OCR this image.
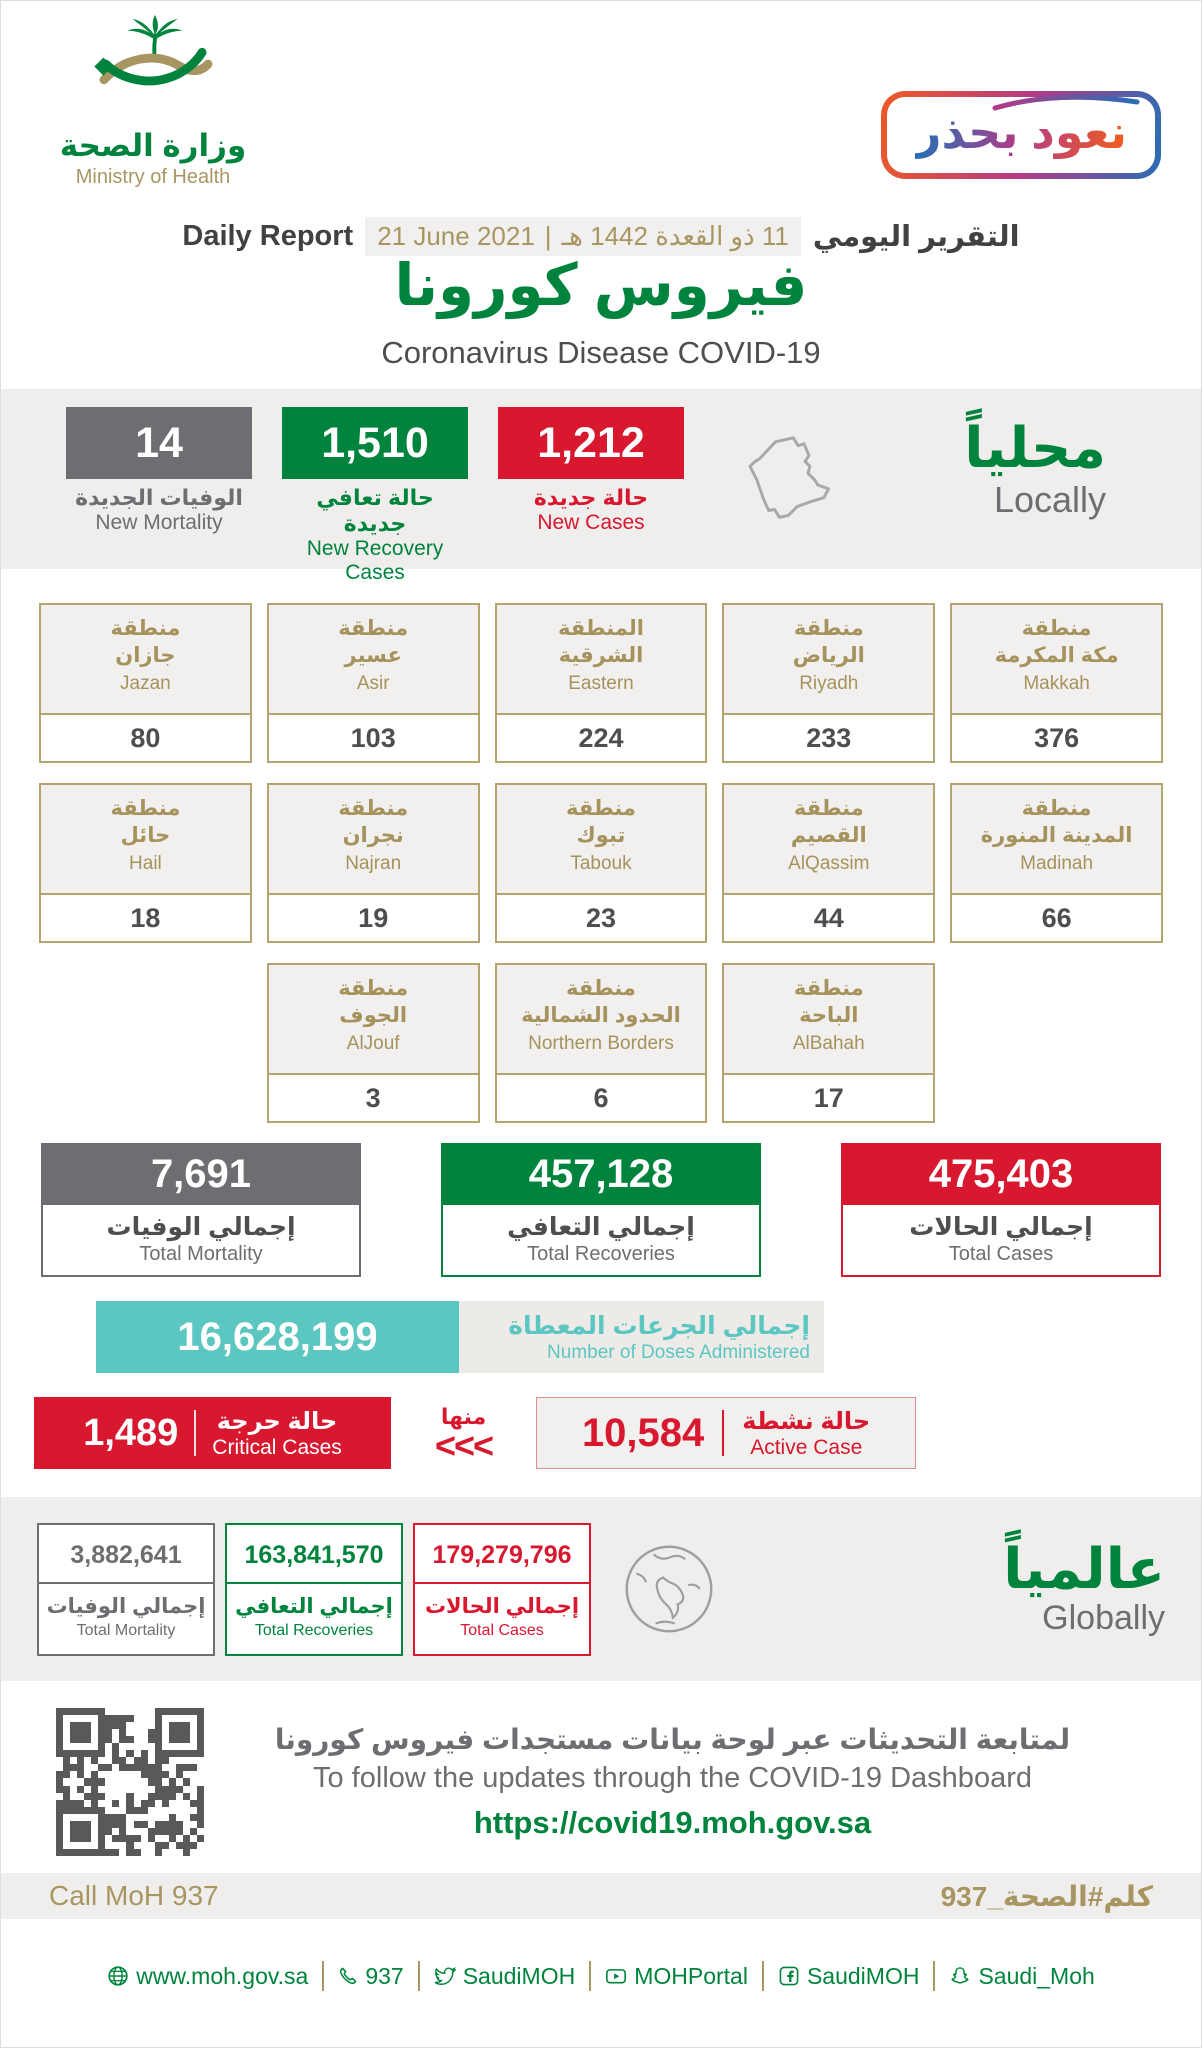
وزارة الصحة
Ministry of Health
نعود بحذر
Daily Report 21 June 2021 | 11 ذو القعدة 1442 هـ التقرير اليومي
فيروس كورونا
Coronavirus Disease COVID-19
14
الوفيات الجديدة
New Mortality
1,510
حالة تعافي جديدة
New Recovery Cases
1,212
حالة جديدة
New Cases
محلياً
Locally
منطقة
جازان
Jazan
80
منطقة
عسير
Asir
103
المنطقة
الشرقية
Eastern
224
منطقة
الرياض
Riyadh
233
منطقة
مكة المكرمة
Makkah
376
منطقة
حائل
Hail
18
منطقة
نجران
Najran
19
منطقة
تبوك
Tabouk
23
منطقة
القصيم
AlQassim
44
منطقة
المدينة المنورة
Madinah
66
منطقة
الجوف
AlJouf
3
منطقة
الحدود الشمالية
Northern Borders
6
منطقة
الباحة
AlBahah
17
7,691
إجمالي الوفيات
Total Mortality
457,128
إجمالي التعافي
Total Recoveries
475,403
إجمالي الحالات
Total Cases
16,628,199	إجمالي الجرعات المعطاة
Number of Doses Administered
1,489 حالة حرجة
Critical Cases
منها
<<< 10,584 حالة نشطة
Active Case
3,882,641
إجمالي الوفيات
Total Mortality
163,841,570
إجمالي التعافي
Total Recoveries
179,279,796
إجمالي الحالات
Total Cases
عالمياً
Globally
لمتابعة التحديثات عبر لوحة بيانات مستجدات فيروس كورونا
To follow the updates through the COVID-19 Dashboard
https://covid19.moh.gov.sa
Call MoH 937	كلم#الصحة_937
www.moh.gov.sa 937	SaudiMOH	MOHPortal	SaudiMOH	Saudi_Moh
